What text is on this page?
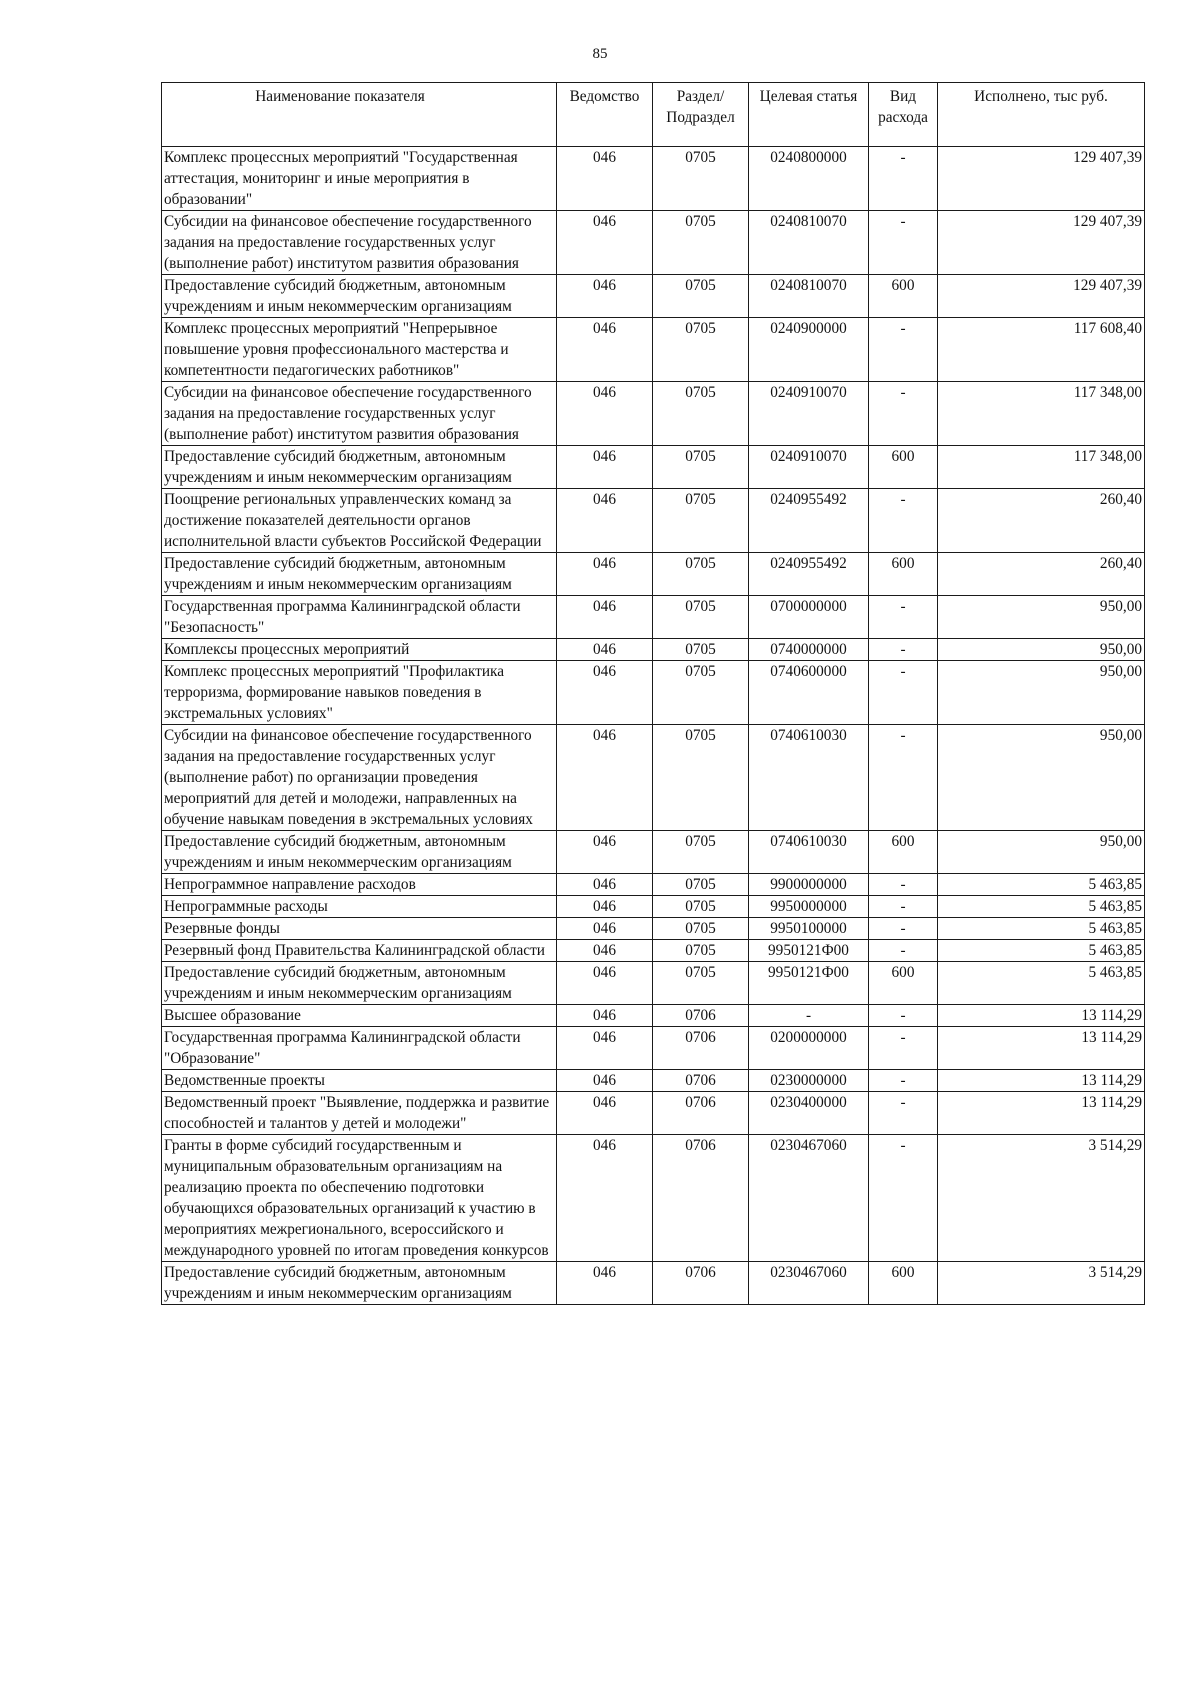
85
Наименование показателя	Ведомство	Раздел/ Подраздел	Целевая статья	Вид расхода	Исполнено, тыс руб.
Комплекс процессных мероприятий "Государственная аттестация, мониторинг и иные мероприятия в образовании"	046	0705	0240800000	-	129 407,39
Субсидии на финансовое обеспечение государственного задания на предоставление государственных услуг (выполнение работ) институтом развития образования	046	0705	0240810070	-	129 407,39
Предоставление субсидий бюджетным, автономным учреждениям и иным некоммерческим организациям	046	0705	0240810070	600	129 407,39
Комплекс процессных мероприятий "Непрерывное повышение уровня профессионального мастерства и компетентности педагогических работников"	046	0705	0240900000	-	117 608,40
Субсидии на финансовое обеспечение государственного задания на предоставление государственных услуг (выполнение работ) институтом развития образования	046	0705	0240910070	-	117 348,00
Предоставление субсидий бюджетным, автономным учреждениям и иным некоммерческим организациям	046	0705	0240910070	600	117 348,00
Поощрение региональных управленческих команд за достижение показателей деятельности органов исполнительной власти субъектов Российской Федерации	046	0705	0240955492	-	260,40
Предоставление субсидий бюджетным, автономным учреждениям и иным некоммерческим организациям	046	0705	0240955492	600	260,40
Государственная программа Калининградской области "Безопасность"	046	0705	0700000000	-	950,00
Комплексы процессных мероприятий	046	0705	0740000000	-	950,00
Комплекс процессных мероприятий "Профилактика терроризма, формирование навыков поведения в экстремальных условиях"	046	0705	0740600000	-	950,00
Субсидии на финансовое обеспечение государственного задания на предоставление государственных услуг (выполнение работ) по организации проведения мероприятий для детей и молодежи, направленных на обучение навыкам поведения в экстремальных условиях	046	0705	0740610030	-	950,00
Предоставление субсидий бюджетным, автономным учреждениям и иным некоммерческим организациям	046	0705	0740610030	600	950,00
Непрограммное направление расходов	046	0705	9900000000	-	5 463,85
Непрограммные расходы	046	0705	9950000000	-	5 463,85
Резервные фонды	046	0705	9950100000	-	5 463,85
Резервный фонд Правительства Калининградской области	046	0705	9950121Ф00	-	5 463,85
Предоставление субсидий бюджетным, автономным учреждениям и иным некоммерческим организациям	046	0705	9950121Ф00	600	5 463,85
Высшее образование	046	0706	-	-	13 114,29
Государственная программа Калининградской области "Образование"	046	0706	0200000000	-	13 114,29
Ведомственные проекты	046	0706	0230000000	-	13 114,29
Ведомственный проект "Выявление, поддержка и развитие способностей и талантов у детей и молодежи"	046	0706	0230400000	-	13 114,29
Гранты в форме субсидий государственным и муниципальным образовательным организациям на реализацию проекта по обеспечению подготовки обучающихся образовательных организаций к участию в мероприятиях межрегионального, всероссийского и международного уровней по итогам проведения конкурсов	046	0706	0230467060	-	3 514,29
Предоставление субсидий бюджетным, автономным учреждениям и иным некоммерческим организациям	046	0706	0230467060	600	3 514,29
